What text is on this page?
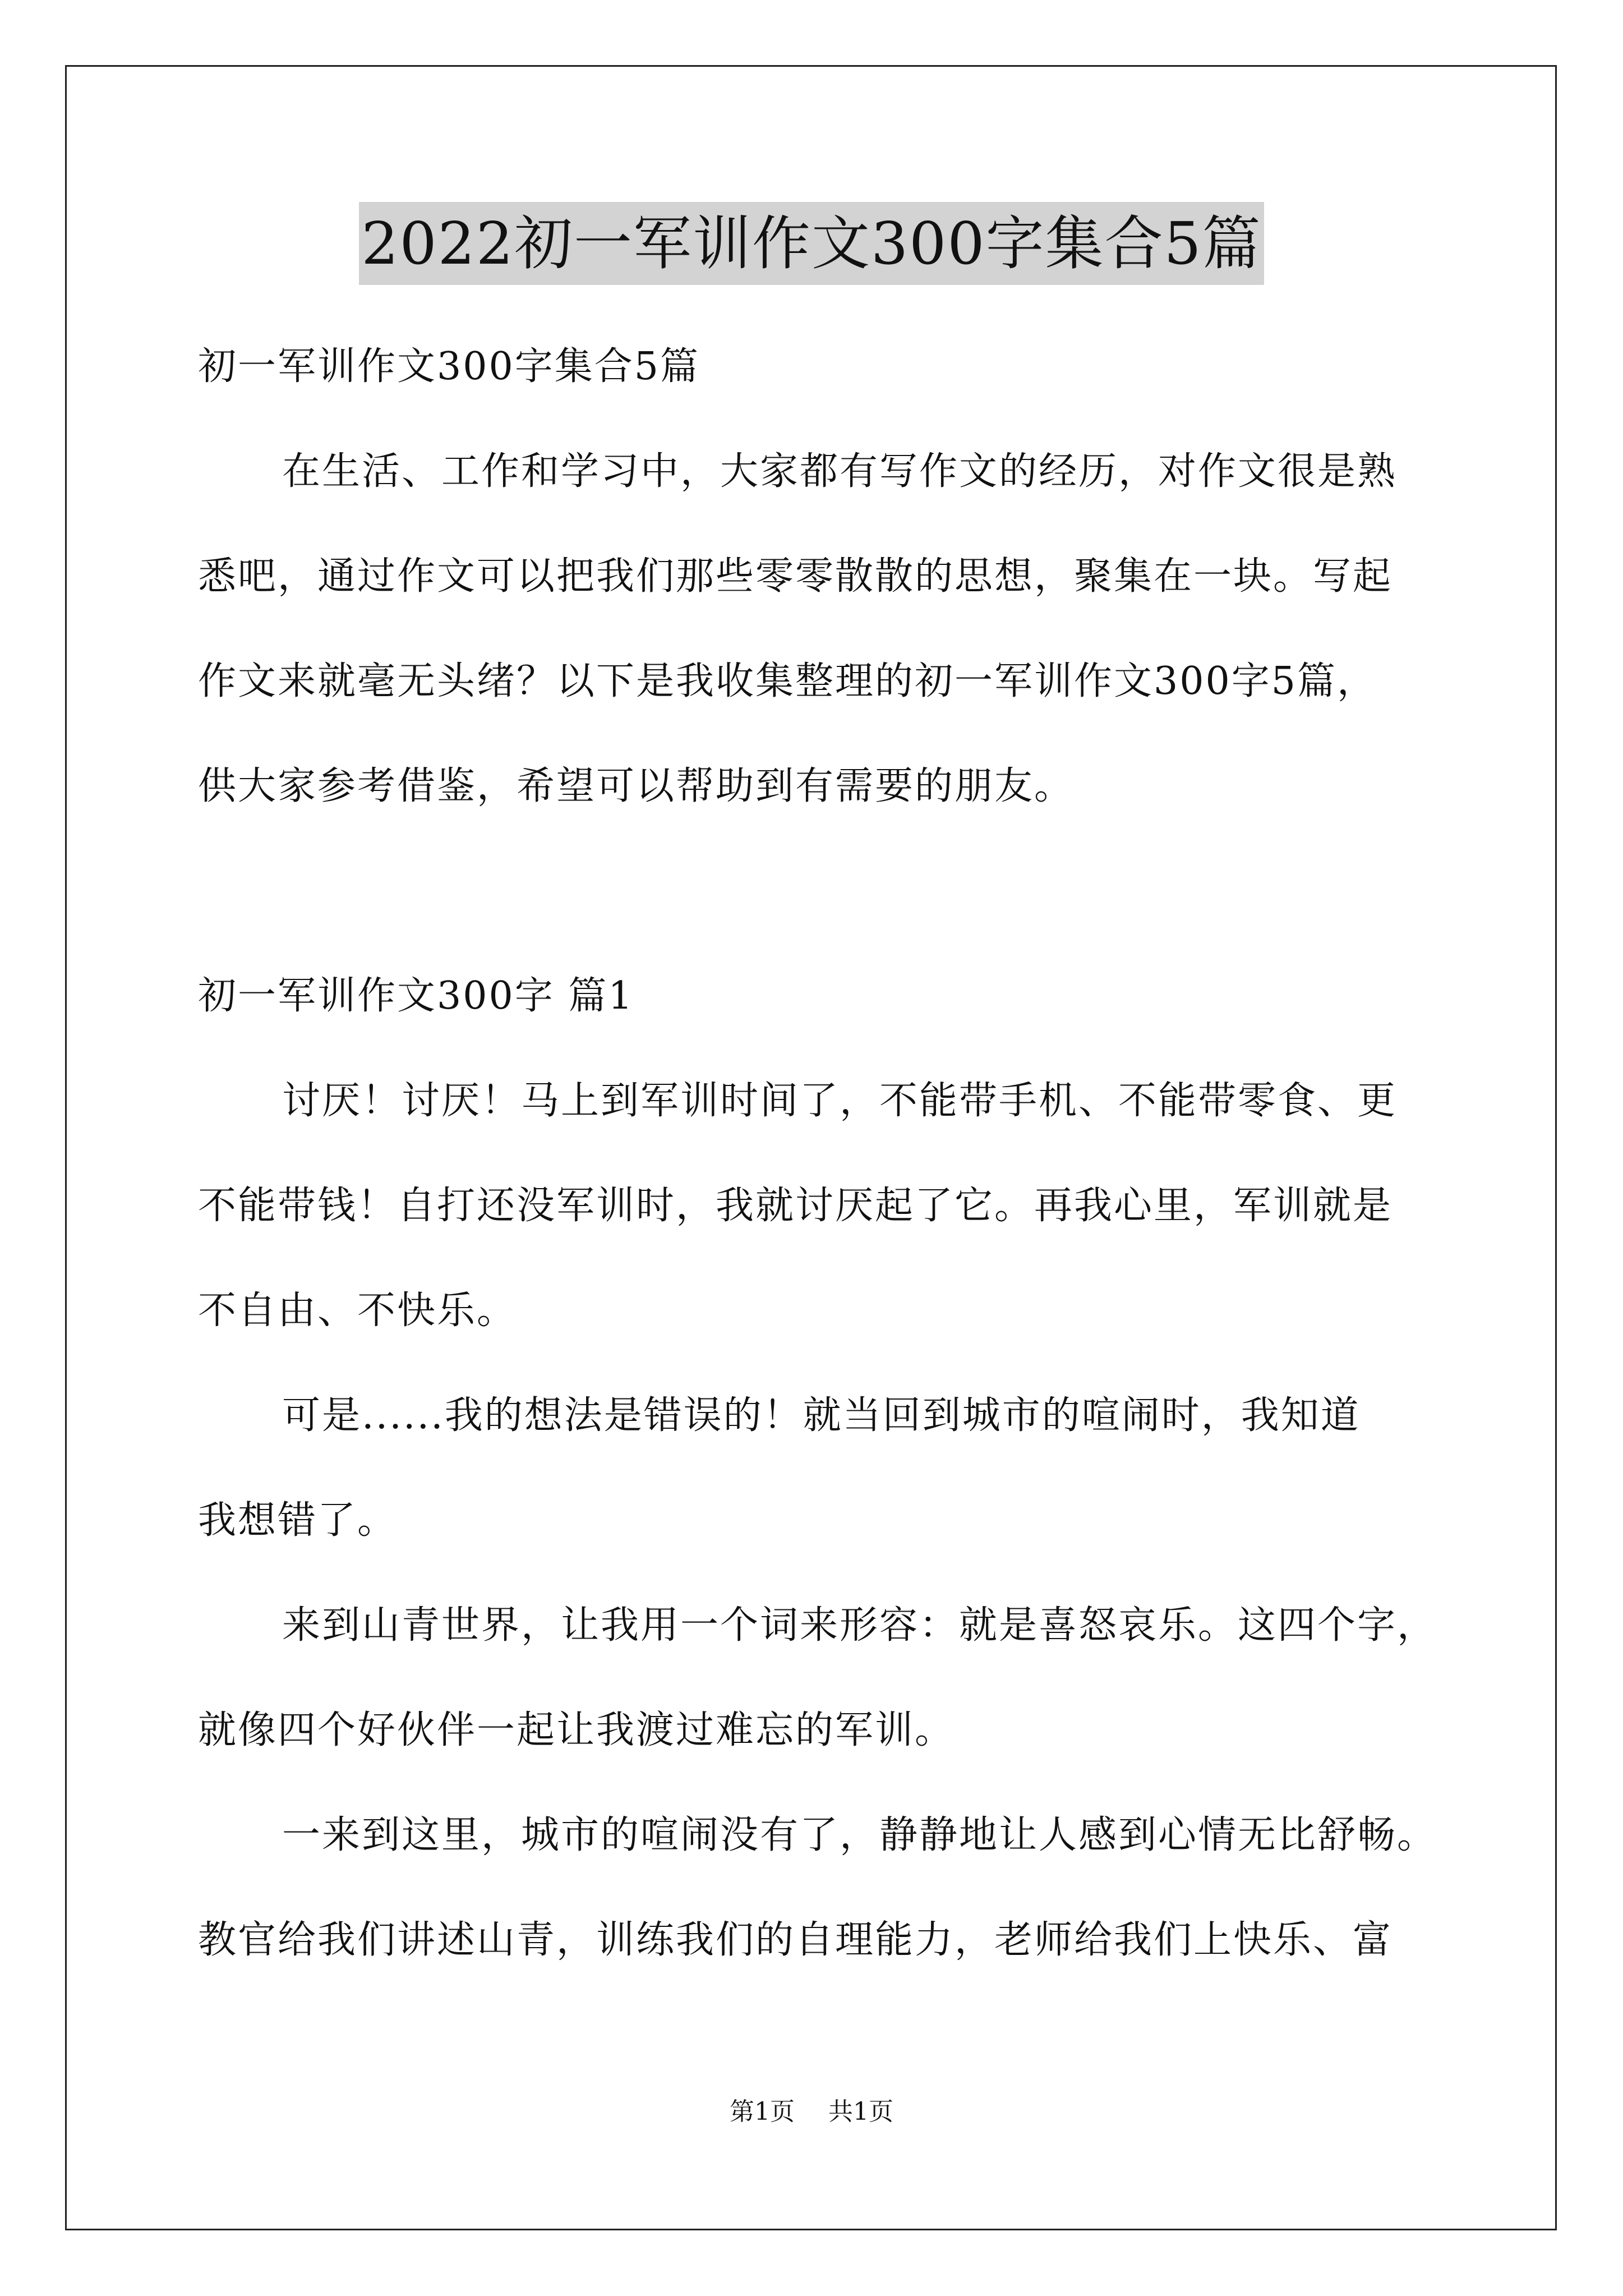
2022初一军训作文300字集合5篇

初一军训作文300字集合5篇

在生活、工作和学习中，大家都有写作文的经历，对作文很是熟

悉吧，通过作文可以把我们那些零零散散的思想，聚集在一块。写起

作文来就毫无头绪？以下是我收集整理的初一军训作文300字5篇，

供大家参考借鉴，希望可以帮助到有需要的朋友。

初一军训作文300字 篇1

讨厌！讨厌！马上到军训时间了，不能带手机、不能带零食、更

不能带钱！自打还没军训时，我就讨厌起了它。再我心里，军训就是

不自由、不快乐。

可是......我的想法是错误的！就当回到城市的喧闹时，我知道

我想错了。

来到山青世界，让我用一个词来形容：就是喜怒哀乐。这四个字，

就像四个好伙伴一起让我渡过难忘的军训。

一来到这里，城市的喧闹没有了，静静地让人感到心情无比舒畅。

教官给我们讲述山青，训练我们的自理能力，老师给我们上快乐、富

第1页 共1页
